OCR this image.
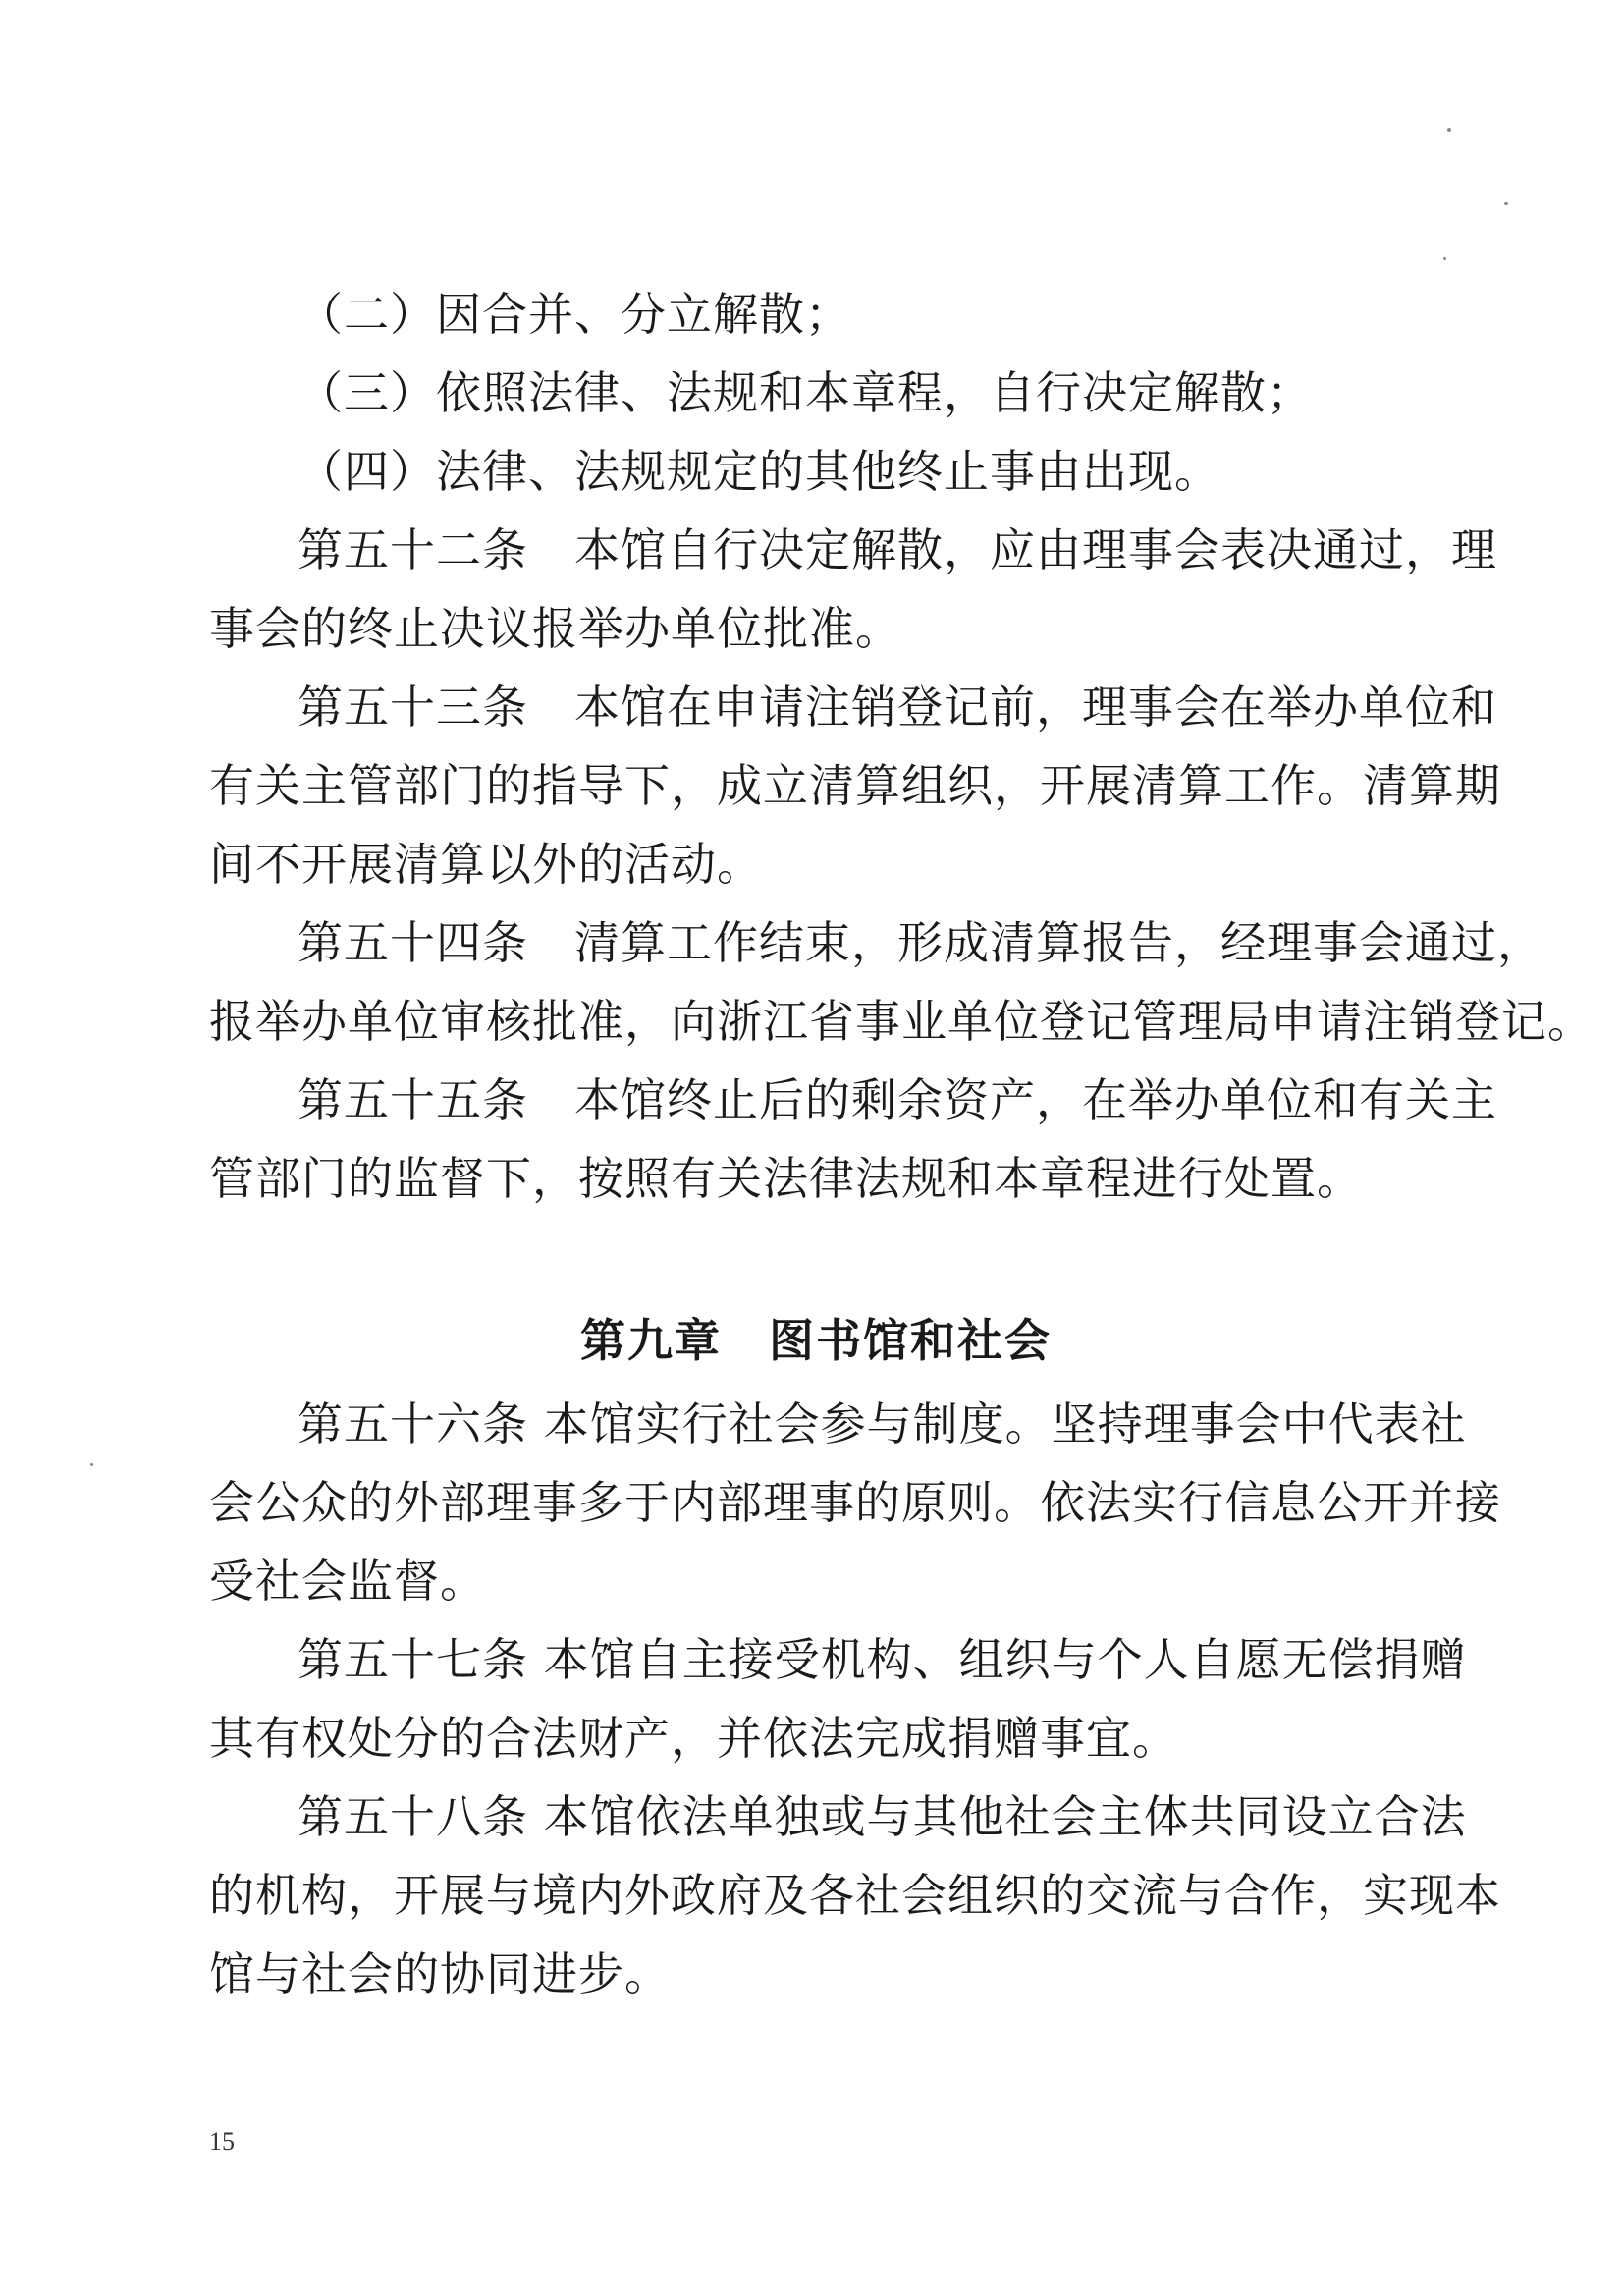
（二）因合并、分立解散；
（三）依照法律、法规和本章程，自行决定解散；
（四）法律、法规规定的其他终止事由出现。
第五十二条　本馆自行决定解散，应由理事会表决通过，理
事会的终止决议报举办单位批准。
第五十三条　本馆在申请注销登记前，理事会在举办单位和
有关主管部门的指导下，成立清算组织，开展清算工作。清算期
间不开展清算以外的活动。
第五十四条　清算工作结束，形成清算报告，经理事会通过，
报举办单位审核批准，向浙江省事业单位登记管理局申请注销登记。
第五十五条　本馆终止后的剩余资产，在举办单位和有关主
管部门的监督下，按照有关法律法规和本章程进行处置。
第九章　图书馆和社会
第五十六条 本馆实行社会参与制度。坚持理事会中代表社
会公众的外部理事多于内部理事的原则。依法实行信息公开并接
受社会监督。
第五十七条 本馆自主接受机构、组织与个人自愿无偿捐赠
其有权处分的合法财产，并依法完成捐赠事宜。
第五十八条 本馆依法单独或与其他社会主体共同设立合法
的机构，开展与境内外政府及各社会组织的交流与合作，实现本
馆与社会的协同进步。
15
